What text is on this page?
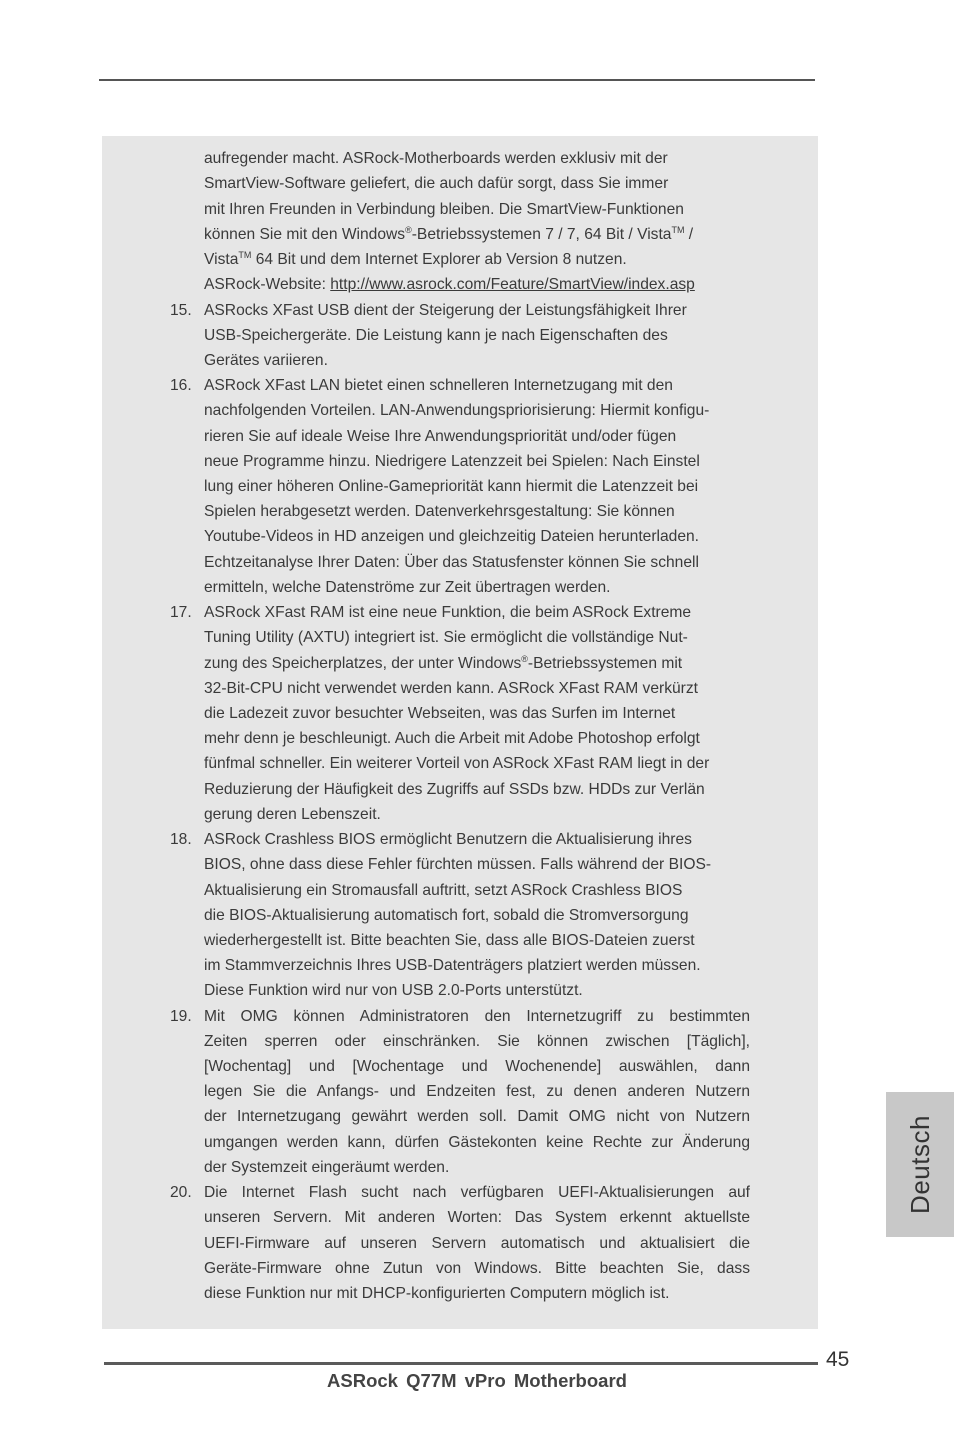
aufregender macht. ASRock-Motherboards werden exklusiv mit der
SmartView-Software geliefert, die auch dafür sorgt, dass Sie immer
mit Ihren Freunden in Verbindung bleiben. Die SmartView-Funktionen
können Sie mit den Windows®-Betriebssystemen 7 / 7, 64 Bit / Vista™ /
Vista™ 64 Bit und dem Internet Explorer ab Version 8 nutzen.
ASRock-Website: http://www.asrock.com/Feature/SmartView/index.asp
15. ASRocks XFast USB dient der Steigerung der Leistungsfähigkeit Ihrer
USB-Speichergeräte. Die Leistung kann je nach Eigenschaften des
Gerätes variieren.
16. ASRock XFast LAN bietet einen schnelleren Internetzugang mit den
nachfolgenden Vorteilen. LAN-Anwendungspriorisierung: Hiermit konfigu-
rieren Sie auf ideale Weise Ihre Anwendungspriorität und/oder fügen
neue Programme hinzu. Niedrigere Latenzzeit bei Spielen: Nach Einstel
lung einer höheren Online-Gamepriorität kann hiermit die Latenzzeit bei
Spielen herabgesetzt werden. Datenverkehrsgestaltung: Sie können
Youtube-Videos in HD anzeigen und gleichzeitig Dateien herunterladen.
Echtzeitanalyse Ihrer Daten: Über das Statusfenster können Sie schnell
ermitteln, welche Datenströme zur Zeit übertragen werden.
17. ASRock XFast RAM ist eine neue Funktion, die beim ASRock Extreme
Tuning Utility (AXTU) integriert ist. Sie ermöglicht die vollständige Nut-
zung des Speicherplatzes, der unter Windows®-Betriebssystemen mit
32-Bit-CPU nicht verwendet werden kann. ASRock XFast RAM verkürzt
die Ladezeit zuvor besuchter Webseiten, was das Surfen im Internet
mehr denn je beschleunigt. Auch die Arbeit mit Adobe Photoshop erfolgt
fünfmal schneller. Ein weiterer Vorteil von ASRock XFast RAM liegt in der
Reduzierung der Häufigkeit des Zugriffs auf SSDs bzw. HDDs zur Verlän
gerung deren Lebenszeit.
18. ASRock Crashless BIOS ermöglicht Benutzern die Aktualisierung ihres
BIOS, ohne dass diese Fehler fürchten müssen. Falls während der BIOS-
Aktualisierung ein Stromausfall auftritt, setzt ASRock Crashless BIOS
die BIOS-Aktualisierung automatisch fort, sobald die Stromversorgung
wiederhergestellt ist. Bitte beachten Sie, dass alle BIOS-Dateien zuerst
im Stammverzeichnis Ihres USB-Datenträgers platziert werden müssen.
Diese Funktion wird nur von USB 2.0-Ports unterstützt.
19. Mit OMG können Administratoren den Internetzugriff zu bestimmten
Zeiten sperren oder einschränken. Sie können zwischen [Täglich],
[Wochentag] und [Wochentage und Wochenende] auswählen, dann
legen Sie die Anfangs- und Endzeiten fest, zu denen anderen Nutzern
der Internetzugang gewährt werden soll. Damit OMG nicht von Nutzern
umgangen werden kann, dürfen Gästekonten keine Rechte zur Änderung
der Systemzeit eingeräumt werden.
20. Die Internet Flash sucht nach verfügbaren UEFI-Aktualisierungen auf
unseren Servern. Mit anderen Worten: Das System erkennt aktuellste
UEFI-Firmware auf unseren Servern automatisch und aktualisiert die
Geräte-Firmware ohne Zutun von Windows. Bitte beachten Sie, dass
diese Funktion nur mit DHCP-konfigurierten Computern möglich ist.
Deutsch
45
ASRock Q77M vPro Motherboard
